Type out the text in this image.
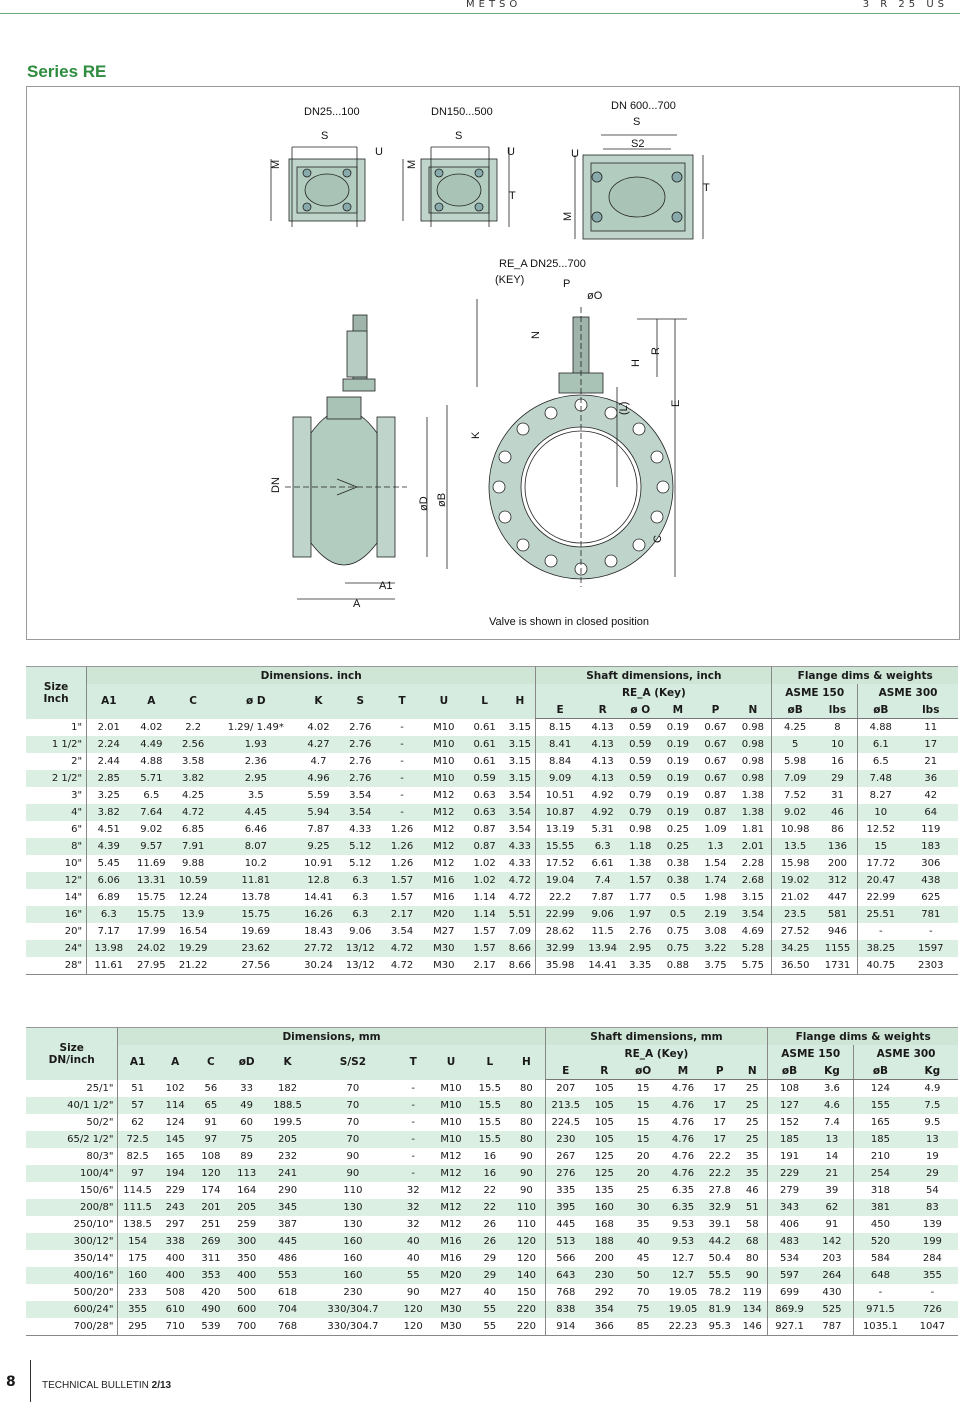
METSO	3 R 25 US
Series RE
DN25...100	DN150...500	DN 600...700
S	S
S
S2
U	U	U
M	M
M
T
T
RE_A DN25...700
(KEY)	P
øO
N
H
R
(L)	E
K
DN
øD øB
C
A1
A
Valve is shown in closed position
Size
Inch	Dimensions. inch										Shaft dimensions, inch						Flange dims & weights			
	A1	A	C	ø D	K	S	T	U	L	H	RE_A (Key)						ASME 150		ASME 300	
											E	R	ø O	M	P	N	øB	lbs	øB	lbs
1"	2.01	4.02	2.2	1.29/ 1.49*	4.02	2.76	-	M10	0.61	3.15	8.15	4.13	0.59	0.19	0.67	0.98	4.25	8	4.88	11
1 1/2"	2.24	4.49	2.56	1.93	4.27	2.76	-	M10	0.61	3.15	8.41	4.13	0.59	0.19	0.67	0.98	5	10	6.1	17
2"	2.44	4.88	3.58	2.36	4.7	2.76	-	M10	0.61	3.15	8.84	4.13	0.59	0.19	0.67	0.98	5.98	16	6.5	21
2 1/2"	2.85	5.71	3.82	2.95	4.96	2.76	-	M10	0.59	3.15	9.09	4.13	0.59	0.19	0.67	0.98	7.09	29	7.48	36
3"	3.25	6.5	4.25	3.5	5.59	3.54	-	M12	0.63	3.54	10.51	4.92	0.79	0.19	0.87	1.38	7.52	31	8.27	42
4"	3.82	7.64	4.72	4.45	5.94	3.54	-	M12	0.63	3.54	10.87	4.92	0.79	0.19	0.87	1.38	9.02	46	10	64
6"	4.51	9.02	6.85	6.46	7.87	4.33	1.26	M12	0.87	3.54	13.19	5.31	0.98	0.25	1.09	1.81	10.98	86	12.52	119
8"	4.39	9.57	7.91	8.07	9.25	5.12	1.26	M12	0.87	4.33	15.55	6.3	1.18	0.25	1.3	2.01	13.5	136	15	183
10"	5.45	11.69	9.88	10.2	10.91	5.12	1.26	M12	1.02	4.33	17.52	6.61	1.38	0.38	1.54	2.28	15.98	200	17.72	306
12"	6.06	13.31	10.59	11.81	12.8	6.3	1.57	M16	1.02	4.72	19.04	7.4	1.57	0.38	1.74	2.68	19.02	312	20.47	438
14"	6.89	15.75	12.24	13.78	14.41	6.3	1.57	M16	1.14	4.72	22.2	7.87	1.77	0.5	1.98	3.15	21.02	447	22.99	625
16"	6.3	15.75	13.9	15.75	16.26	6.3	2.17	M20	1.14	5.51	22.99	9.06	1.97	0.5	2.19	3.54	23.5	581	25.51	781
20"	7.17	17.99	16.54	19.69	18.43	9.06	3.54	M27	1.57	7.09	28.62	11.5	2.76	0.75	3.08	4.69	27.52	946	-	-
24"	13.98	24.02	19.29	23.62	27.72	13/12	4.72	M30	1.57	8.66	32.99	13.94	2.95	0.75	3.22	5.28	34.25	1155	38.25	1597
28"	11.61	27.95	21.22	27.56	30.24	13/12	4.72	M30	2.17	8.66	35.98	14.41	3.35	0.88	3.75	5.75	36.50	1731	40.75	2303
Size
DN/inch	Dimensions, mm										Shaft dimensions, mm						Flange dims & weights			
	A1	A	C	øD	K	S/S2	T	U	L	H	RE_A (Key)						ASME 150		ASME 300	
											E	R	øO	M	P	N	øB	Kg	øB	Kg
25/1"	51	102	56	33	182	70	-	M10	15.5	80	207	105	15	4.76	17	25	108	3.6	124	4.9
40/1 1/2"	57	114	65	49	188.5	70	-	M10	15.5	80	213.5	105	15	4.76	17	25	127	4.6	155	7.5
50/2"	62	124	91	60	199.5	70	-	M10	15.5	80	224.5	105	15	4.76	17	25	152	7.4	165	9.5
65/2 1/2"	72.5	145	97	75	205	70	-	M10	15.5	80	230	105	15	4.76	17	25	185	13	185	13
80/3"	82.5	165	108	89	232	90	-	M12	16	90	267	125	20	4.76	22.2	35	191	14	210	19
100/4"	97	194	120	113	241	90	-	M12	16	90	276	125	20	4.76	22.2	35	229	21	254	29
150/6"	114.5	229	174	164	290	110	32	M12	22	90	335	135	25	6.35	27.8	46	279	39	318	54
200/8"	111.5	243	201	205	345	130	32	M12	22	110	395	160	30	6.35	32.9	51	343	62	381	83
250/10"	138.5	297	251	259	387	130	32	M12	26	110	445	168	35	9.53	39.1	58	406	91	450	139
300/12"	154	338	269	300	445	160	40	M16	26	120	513	188	40	9.53	44.2	68	483	142	520	199
350/14"	175	400	311	350	486	160	40	M16	29	120	566	200	45	12.7	50.4	80	534	203	584	284
400/16"	160	400	353	400	553	160	55	M20	29	140	643	230	50	12.7	55.5	90	597	264	648	355
500/20"	233	508	420	500	618	230	90	M27	40	150	768	292	70	19.05	78.2	119	699	430	-	-
600/24"	355	610	490	600	704	330/304.7	120	M30	55	220	838	354	75	19.05	81.9	134	869.9	525	971.5	726
700/28"	295	710	539	700	768	330/304.7	120	M30	55	220	914	366	85	22.23	95.3	146	927.1	787	1035.1	1047
8	TECHNICAL BULLETIN 2/13
